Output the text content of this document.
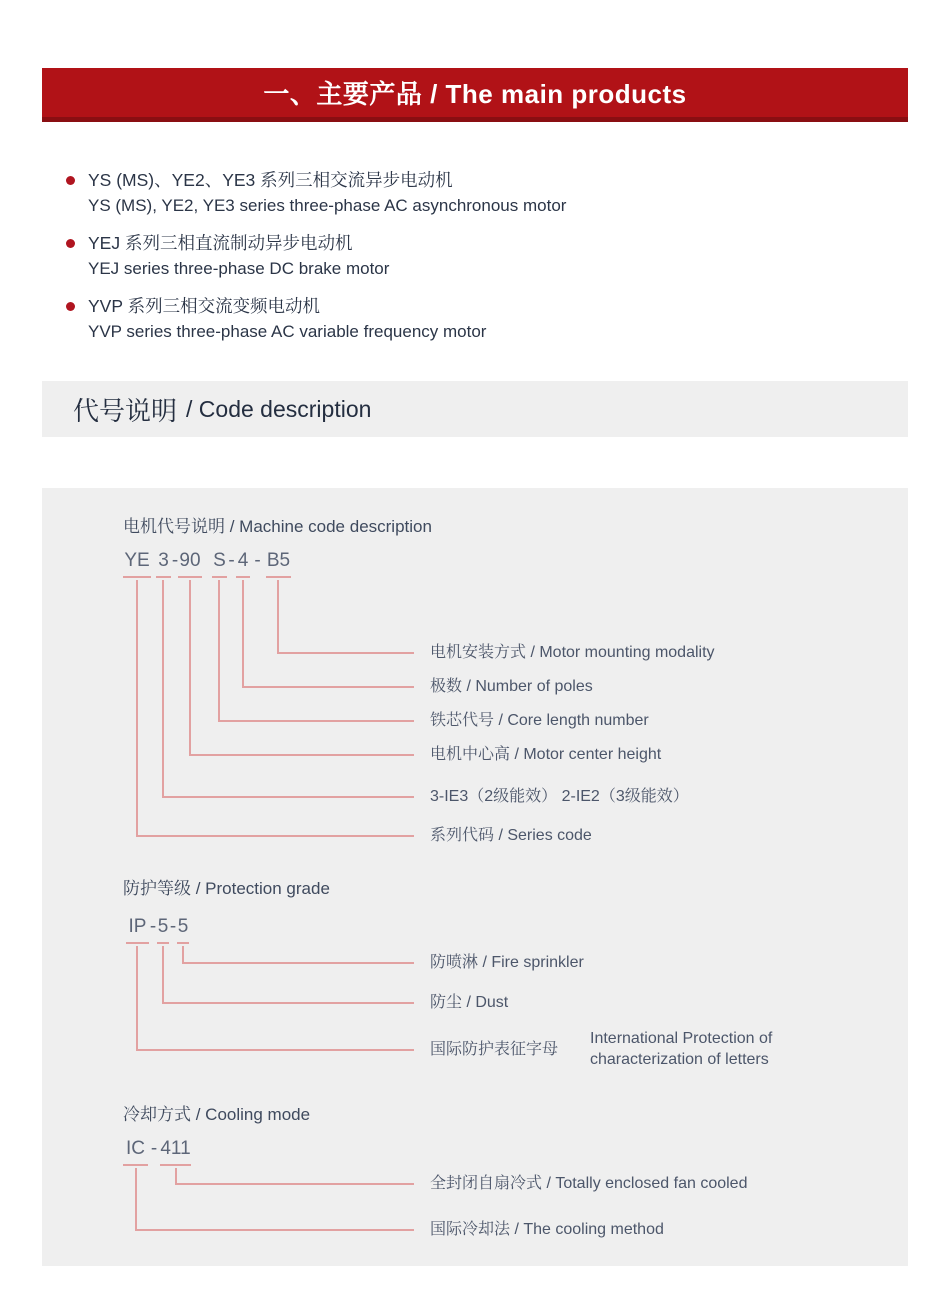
一、主要产品 / The main products
YS (MS)、YE2、YE3 系列三相交流异步电动机
YS (MS), YE2, YE3 series three-phase AC asynchronous motor
YEJ 系列三相直流制动异步电动机
YEJ series three-phase DC brake motor
YVP 系列三相交流变频电动机
YVP series three-phase AC variable frequency motor
代号说明 / Code description
电机代号说明 / Machine code description
YE 3 - 90 S - 4 - B5
电机安装方式 / Motor mounting modality
极数 / Number of poles
铁芯代号 / Core length number
电机中心高 / Motor center height
3-IE3（2级能效） 2-IE2（3级能效）
系列代码 / Series code
防护等级 / Protection grade
IP - 5 - 5
防喷淋 / Fire sprinkler
防尘 / Dust
国际防护表征字母
International Protection of
characterization of letters
冷却方式 / Cooling mode
IC - 411
全封闭自扇冷式 / Totally enclosed fan cooled
国际冷却法 / The cooling method
